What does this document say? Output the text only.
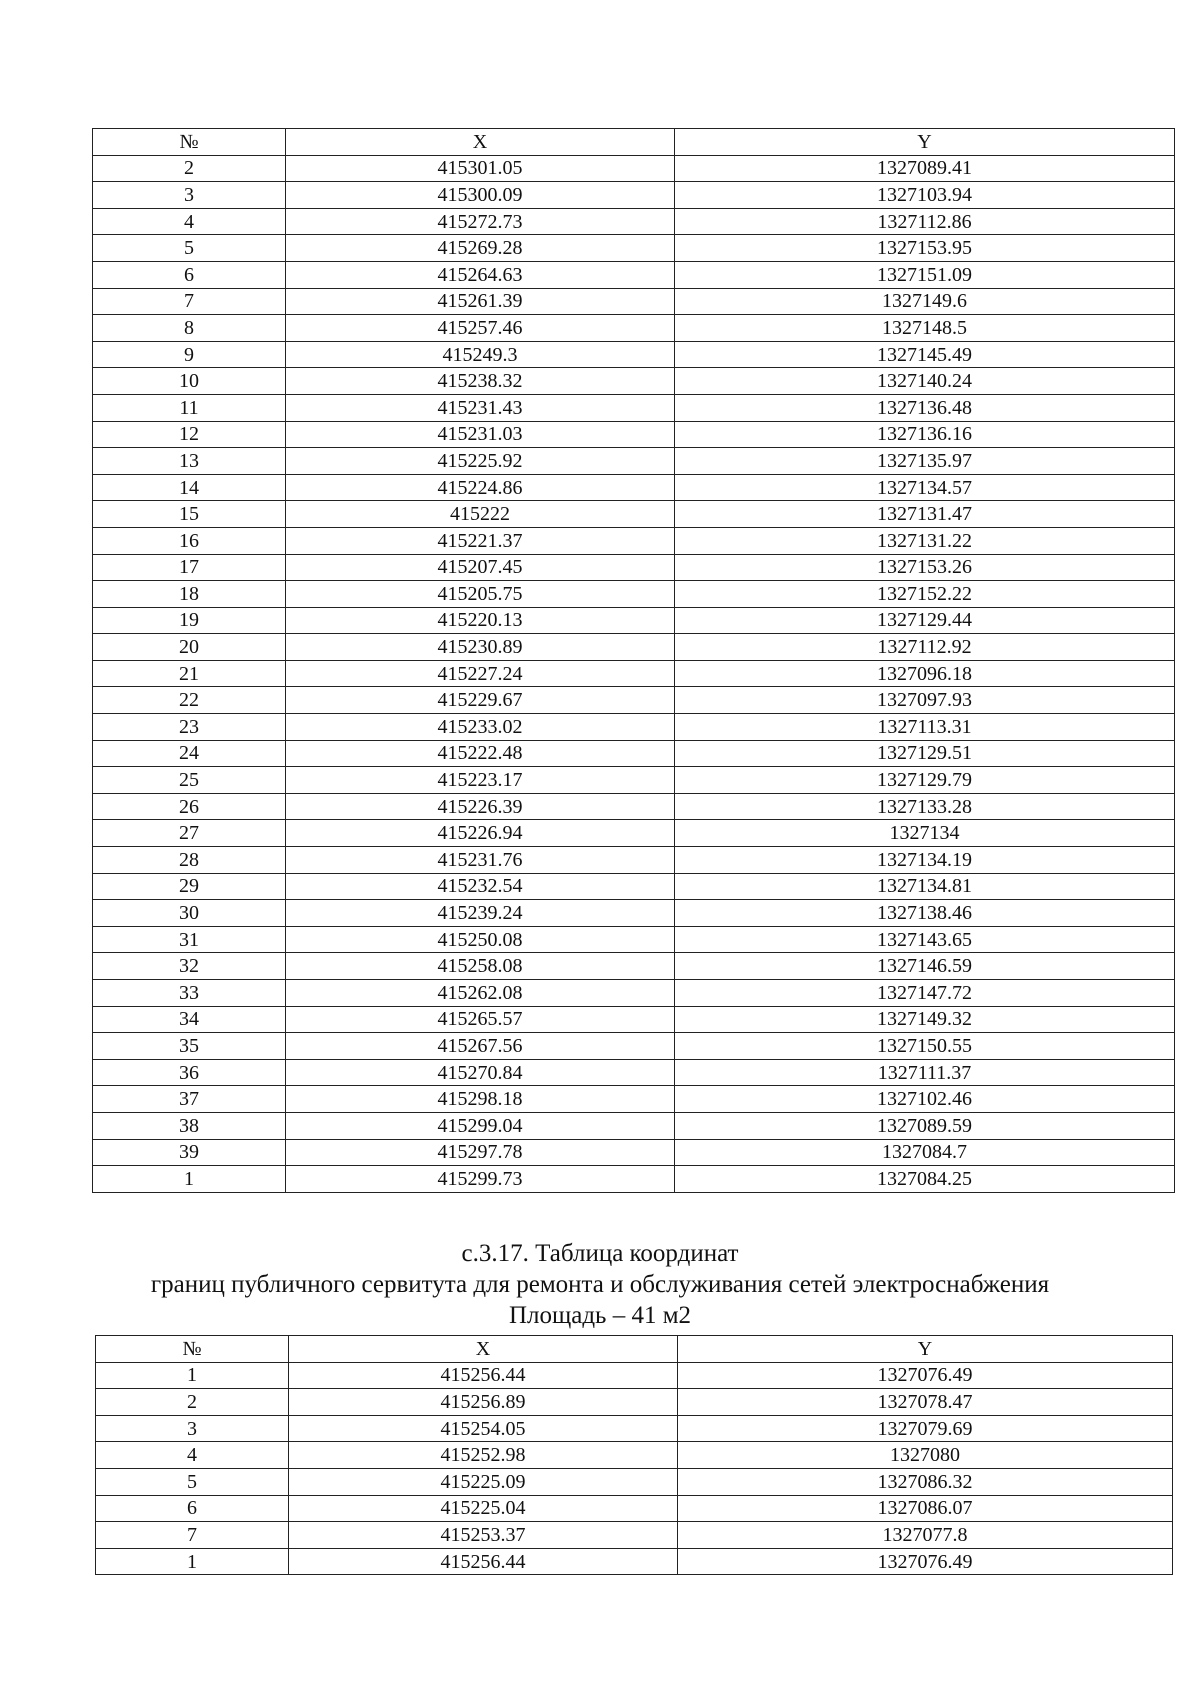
№	X	Y
2	415301.05	1327089.41
3	415300.09	1327103.94
4	415272.73	1327112.86
5	415269.28	1327153.95
6	415264.63	1327151.09
7	415261.39	1327149.6
8	415257.46	1327148.5
9	415249.3	1327145.49
10	415238.32	1327140.24
11	415231.43	1327136.48
12	415231.03	1327136.16
13	415225.92	1327135.97
14	415224.86	1327134.57
15	415222	1327131.47
16	415221.37	1327131.22
17	415207.45	1327153.26
18	415205.75	1327152.22
19	415220.13	1327129.44
20	415230.89	1327112.92
21	415227.24	1327096.18
22	415229.67	1327097.93
23	415233.02	1327113.31
24	415222.48	1327129.51
25	415223.17	1327129.79
26	415226.39	1327133.28
27	415226.94	1327134
28	415231.76	1327134.19
29	415232.54	1327134.81
30	415239.24	1327138.46
31	415250.08	1327143.65
32	415258.08	1327146.59
33	415262.08	1327147.72
34	415265.57	1327149.32
35	415267.56	1327150.55
36	415270.84	1327111.37
37	415298.18	1327102.46
38	415299.04	1327089.59
39	415297.78	1327084.7
1	415299.73	1327084.25
с.3.17. Таблица координат
границ публичного сервитута для ремонта и обслуживания сетей электроснабжения
Площадь – 41 м2
№	X	Y
1	415256.44	1327076.49
2	415256.89	1327078.47
3	415254.05	1327079.69
4	415252.98	1327080
5	415225.09	1327086.32
6	415225.04	1327086.07
7	415253.37	1327077.8
1	415256.44	1327076.49
